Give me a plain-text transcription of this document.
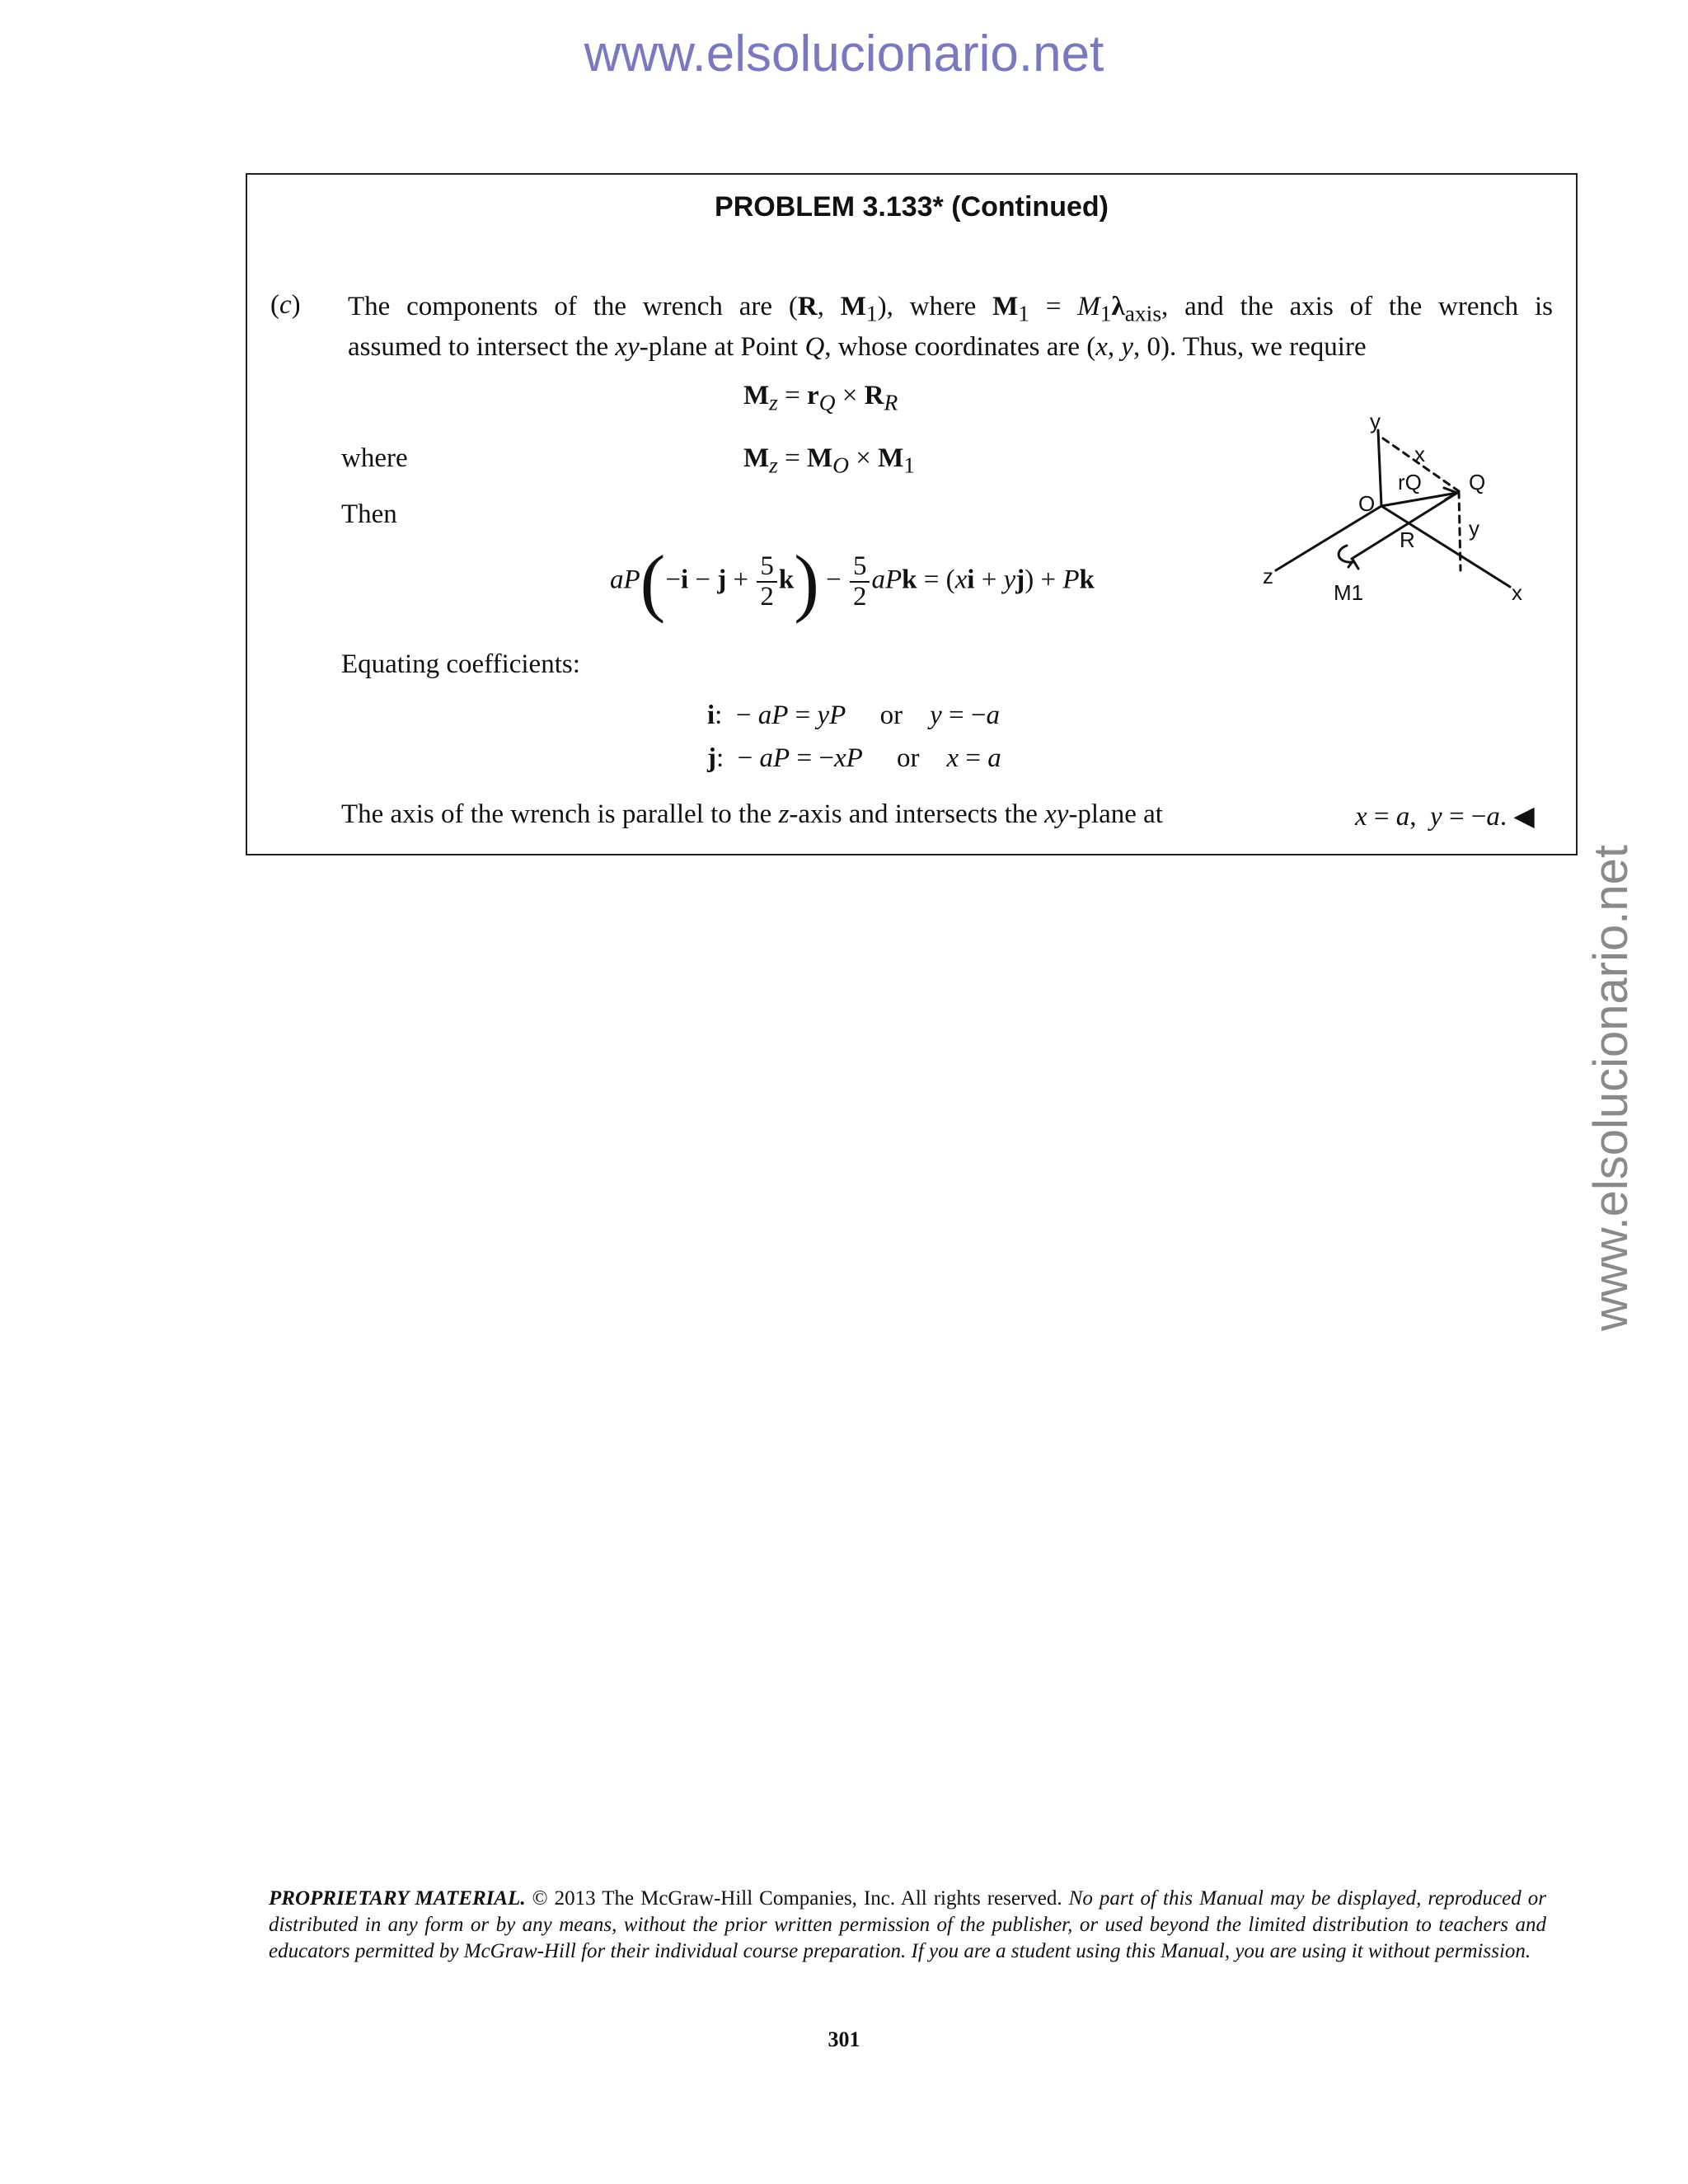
www.elsolucionario.net
www.elsolucionario.net
PROBLEM 3.133* (Continued)
(c) The components of the wrench are (R, $M_1$), where $M_1 = M_1\lambda_{axis}$, and the axis of the wrench is
assumed to intersect the xy-plane at Point Q, whose coordinates are (x, y, 0). Thus, we require
$M_z = r_Q \times R_R$
where	$M_z = M_O \times M_1$
Then
$aP(-i - j + \frac{5}{2} k) - \frac{5}{2}$ aPk = (xi + yj) + Pk
Equating coefficients:
i:  − aP = yP     or    y = −a
j:  − aP = −xP     or    x = a
The axis of the wrench is parallel to the z-axis and intersects the xy-plane at	x = a,  y = −a. ◀
y
x
O
rQ Q
y
R
z
M1	x
PROPRIETARY MATERIAL. © 2013 The McGraw-Hill Companies, Inc. All rights reserved. No part of this Manual may be displayed, reproduced or distributed in any form or by any means, without the prior written permission of the publisher, or used beyond the limited distribution to teachers and educators permitted by McGraw-Hill for their individual course preparation. If you are a student using this Manual, you are using it without permission.
301
